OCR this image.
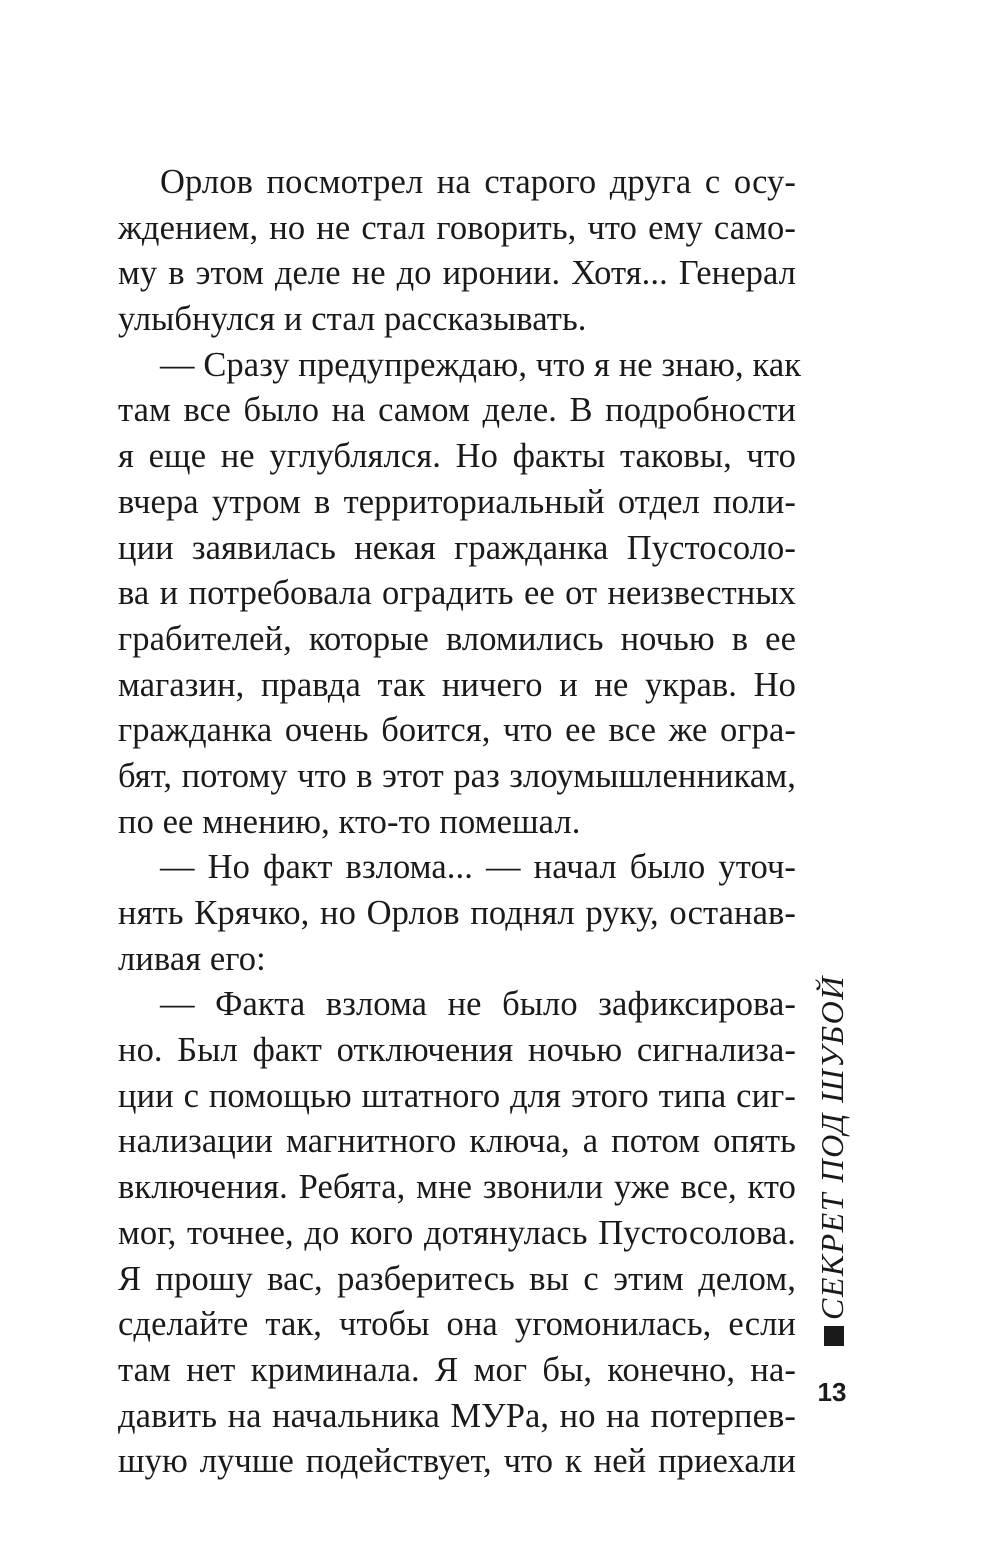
Орлов посмотрел на старого друга с осу-
ждением, но не стал говорить, что ему само-
му в этом деле не до иронии. Хотя... Генерал
улыбнулся и стал рассказывать.
— Сразу предупреждаю, что я не знаю, как
там все было на самом деле. В подробности
я еще не углублялся. Но факты таковы, что
вчера утром в территориальный отдел поли-
ции заявилась некая гражданка Пустосоло-
ва и потребовала оградить ее от неизвестных
грабителей, которые вломились ночью в ее
магазин, правда так ничего и не украв. Но
гражданка очень боится, что ее все же огра-
бят, потому что в этот раз злоумышленникам,
по ее мнению, кто-то помешал.
— Но факт взлома... — начал было уточ-
нять Крячко, но Орлов поднял руку, останав-
ливая его:
— Факта взлома не было зафиксирова-
но. Был факт отключения ночью сигнализа-
ции с помощью штатного для этого типа сиг-
нализации магнитного ключа, а потом опять
включения. Ребята, мне звонили уже все, кто
мог, точнее, до кого дотянулась Пустосолова.
Я прошу вас, разберитесь вы с этим делом,
сделайте так, чтобы она угомонилась, если
там нет криминала. Я мог бы, конечно, на-
давить на начальника МУРа, но на потерпев-
шую лучше подействует, что к ней приехали
СЕКРЕТ ПОД ШУБОЙ
13
